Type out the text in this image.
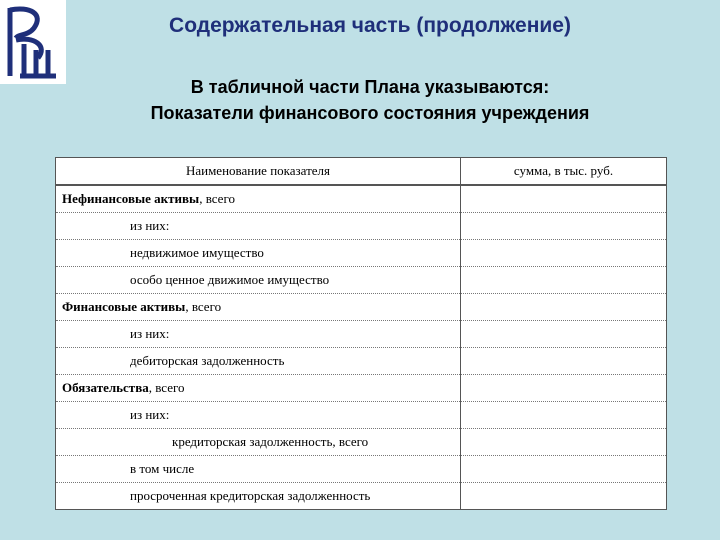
Содержательная часть (продолжение)
В табличной части Плана указываются:
Показатели финансового состояния учреждения
Наименование показателя	сумма, в тыс. руб.
Нефинансовые активы, всего	
из них:	
недвижимое имущество	
особо ценное движимое имущество	
Финансовые активы, всего	
из них:	
дебиторская задолженность	
Обязательства, всего	
из них:	
кредиторская задолженность, всего	
в том числе	
просроченная кредиторская задолженность	
